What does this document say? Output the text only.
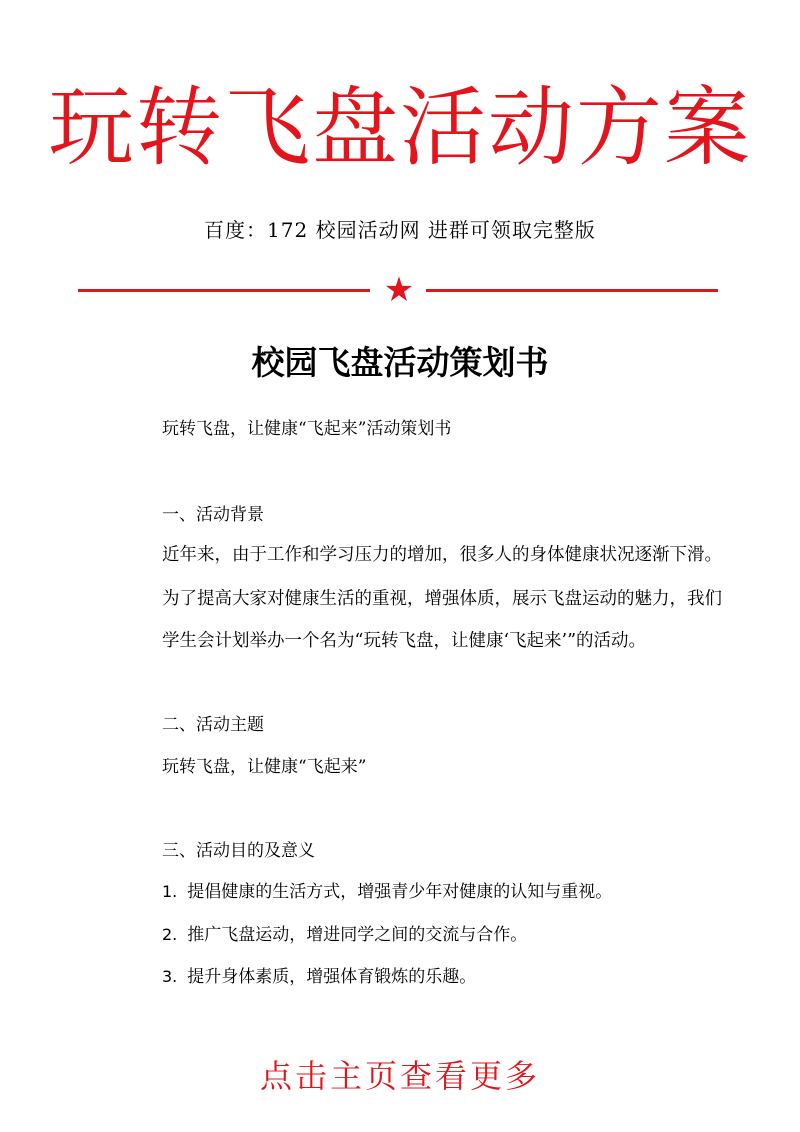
玩转飞盘活动方案
百度：172 校园活动网 进群可领取完整版
★
校园飞盘活动策划书
玩转飞盘，让健康“飞起来”活动策划书
一、活动背景
近年来，由于工作和学习压力的增加，很多人的身体健康状况逐渐下滑。
为了提高大家对健康生活的重视，增强体质，展示飞盘运动的魅力，我们
学生会计划举办一个名为“玩转飞盘，让健康‘飞起来’”的活动。
二、活动主题
玩转飞盘，让健康“飞起来”
三、活动目的及意义
1. 提倡健康的生活方式，增强青少年对健康的认知与重视。
2. 推广飞盘运动，增进同学之间的交流与合作。
3. 提升身体素质，增强体育锻炼的乐趣。
点击主页查看更多
